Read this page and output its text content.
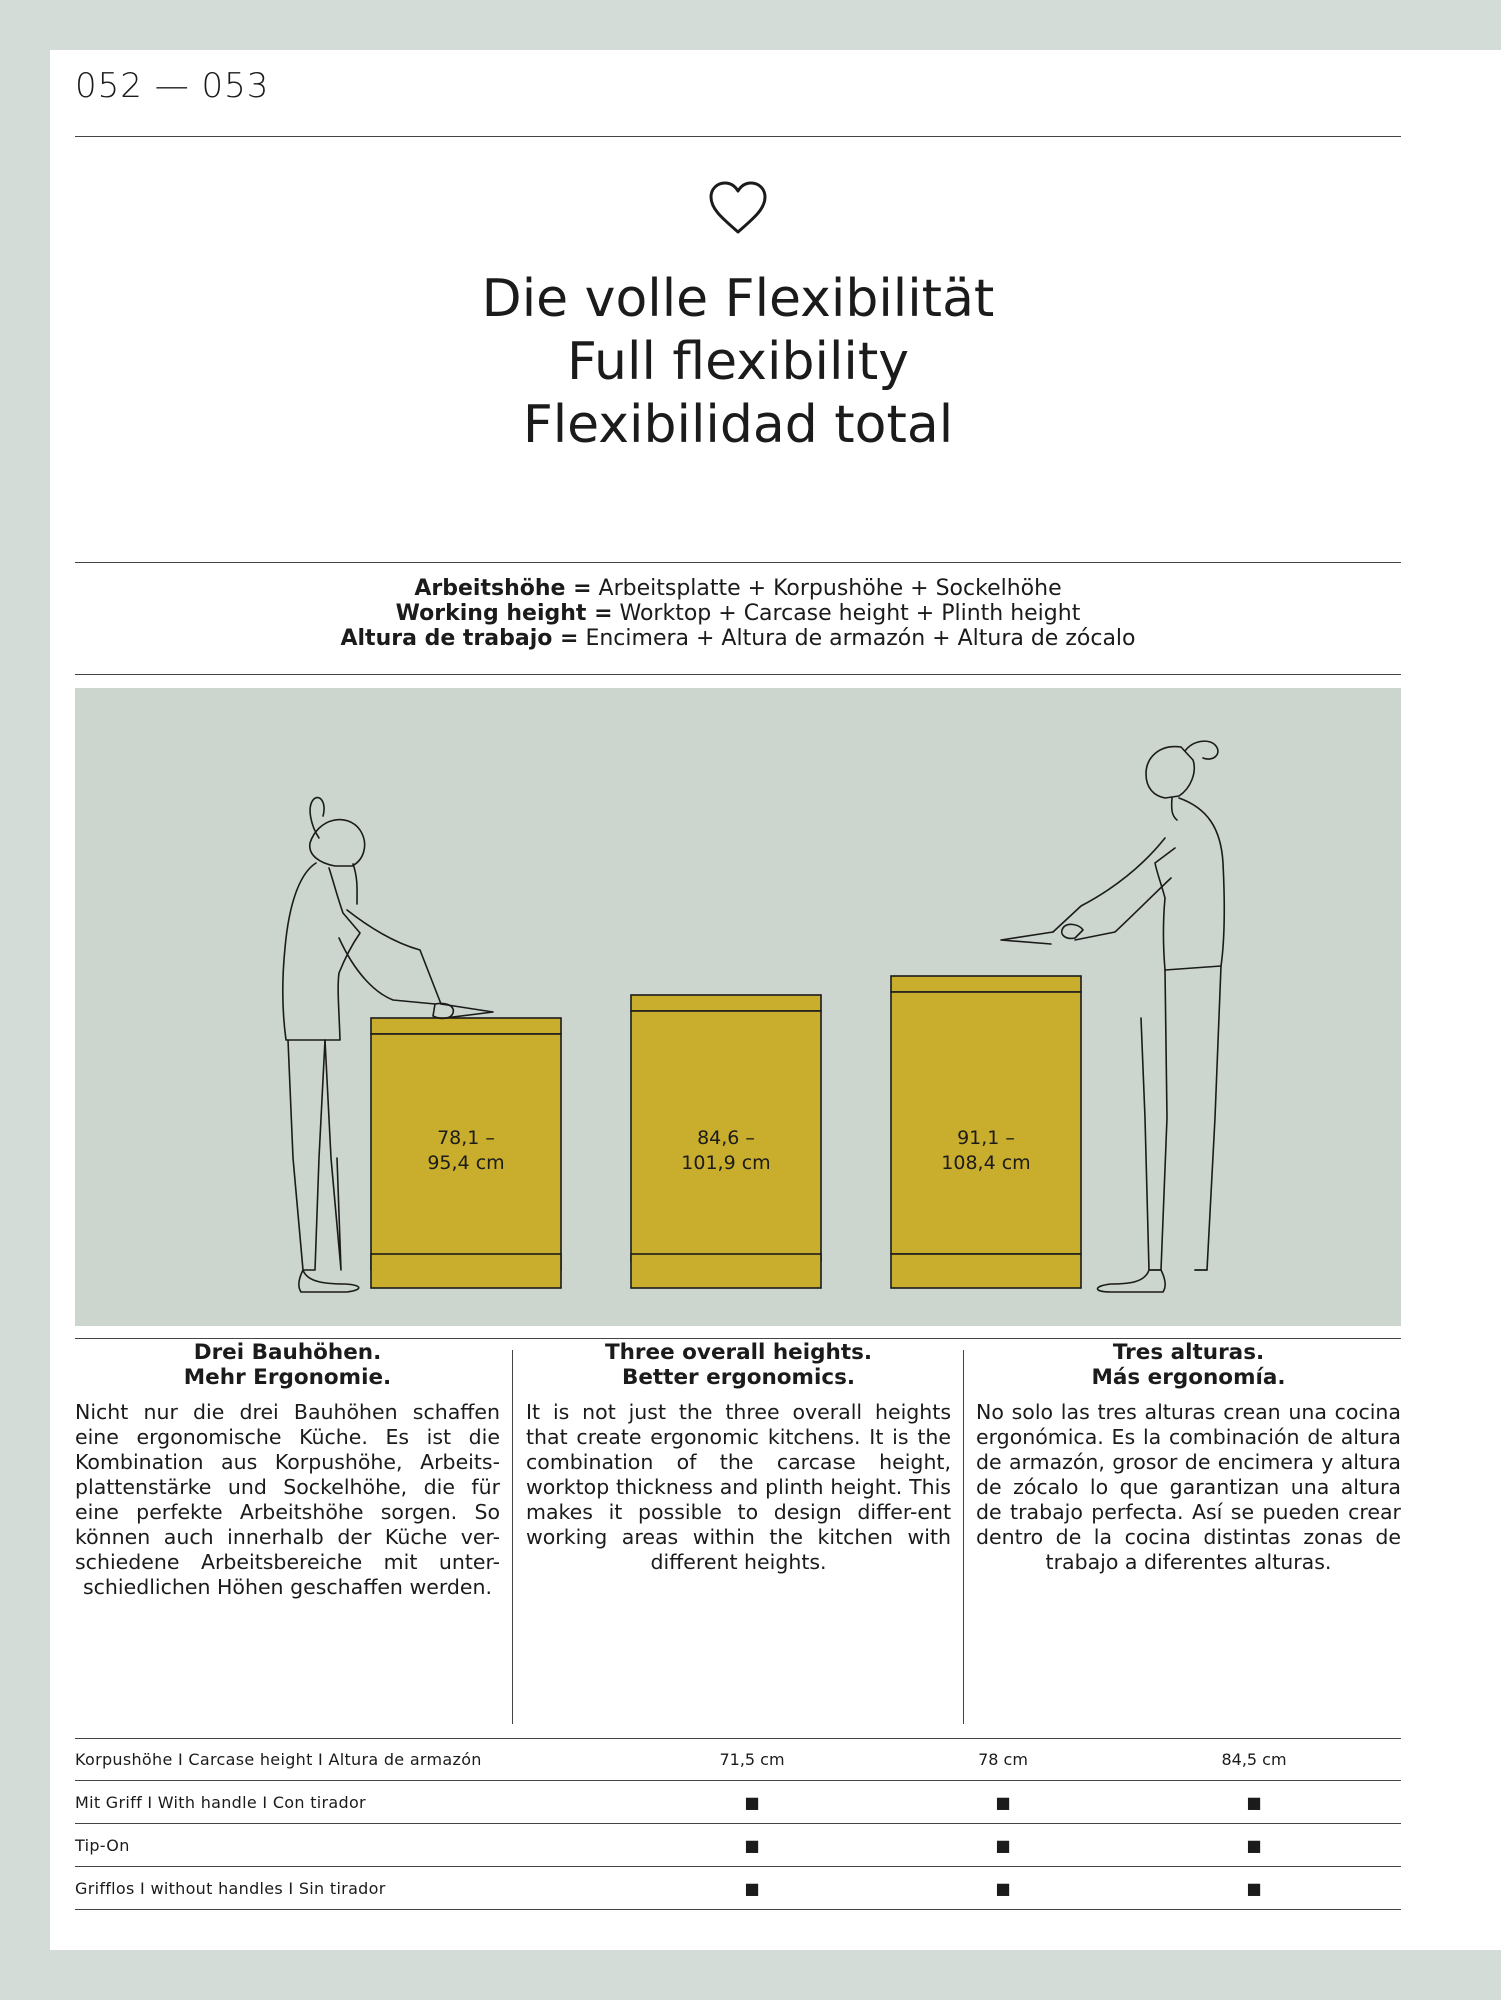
052 — 053
Die volle Flexibilität
Full flexibility
Flexibilidad total
Arbeitshöhe = Arbeitsplatte + Korpushöhe + Sockelhöhe
Working height = Worktop + Carcase height + Plinth height
Altura de trabajo = Encimera + Altura de armazón + Altura de zócalo
78,1 –
95,4 cm
84,6 –
101,9 cm
91,1 –
108,4 cm
Drei Bauhöhen.
Mehr Ergonomie.

Nicht nur die drei Bauhöhen schaffen eine ergonomische Küche. Es ist die Kombination aus Korpushöhe, Arbeits-plattenstärke und Sockelhöhe, die für eine perfekte Arbeitshöhe sorgen. So können auch innerhalb der Küche ver-schiedene Arbeitsbereiche mit unter-schiedlichen Höhen geschaffen werden.

Three overall heights.
Better ergonomics.

It is not just the three overall heights that create ergonomic kitchens. It is the combination of the carcase height, worktop thickness and plinth height. This makes it possible to design differ-ent working areas within the kitchen with different heights.

Tres alturas.
Más ergonomía.

No solo las tres alturas crean una cocina ergonómica. Es la combinación de altura de armazón, grosor de encimera y altura de zócalo lo que garantizan una altura de trabajo perfecta. Así se pueden crear dentro de la cocina distintas zonas de trabajo a diferentes alturas.

Korpushöhe I Carcase height I Altura de armazón	71,5 cm	78 cm	84,5 cm
Mit Griff I With handle I Con tirador	■	■	■
Tip-On	■	■	■
Grifflos I without handles I Sin tirador	■	■	■
